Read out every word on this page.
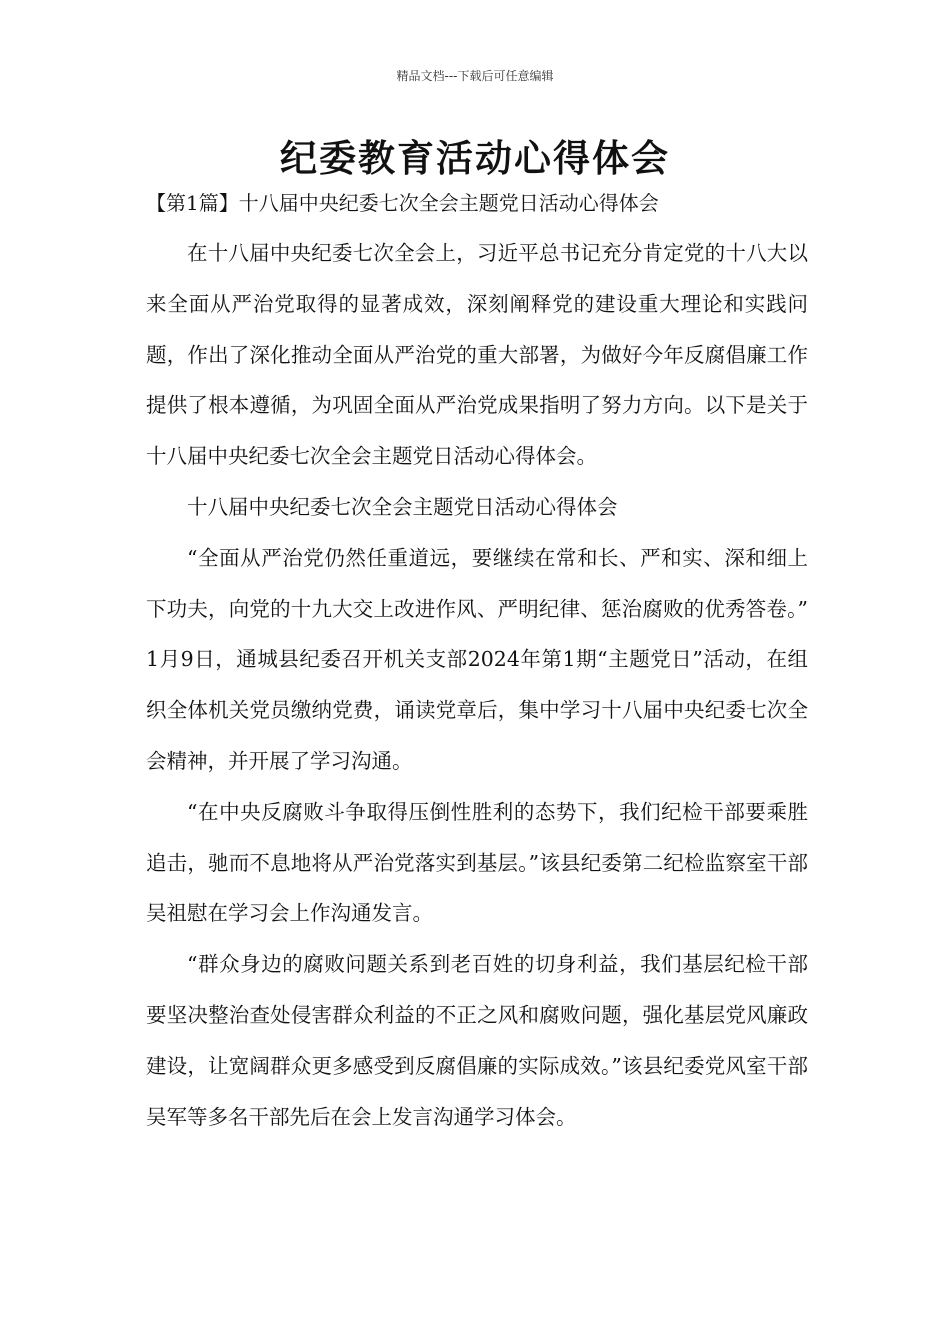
精品文档---下载后可任意编辑
纪委教育活动心得体会
【第1篇】十八届中央纪委七次全会主题党日活动心得体会

在十八届中央纪委七次全会上，习近平总书记充分肯定党的十八大以来全面从严治党取得的显著成效，深刻阐释党的建设重大理论和实践问题，作出了深化推动全面从严治党的重大部署，为做好今年反腐倡廉工作提供了根本遵循，为巩固全面从严治党成果指明了努力方向。以下是关于十八届中央纪委七次全会主题党日活动心得体会。

十八届中央纪委七次全会主题党日活动心得体会

“全面从严治党仍然任重道远，要继续在常和长、严和实、深和细上下功夫，向党的十九大交上改进作风、严明纪律、惩治腐败的优秀答卷。” 1月9日，通城县纪委召开机关支部2024年第1期“主题党日”活动，在组织全体机关党员缴纳党费，诵读党章后，集中学习十八届中央纪委七次全会精神，并开展了学习沟通。

“在中央反腐败斗争取得压倒性胜利的态势下，我们纪检干部要乘胜追击，驰而不息地将从严治党落实到基层。”该县纪委第二纪检监察室干部吴祖慰在学习会上作沟通发言。

“群众身边的腐败问题关系到老百姓的切身利益，我们基层纪检干部要坚决整治查处侵害群众利益的不正之风和腐败问题，强化基层党风廉政建设，让宽阔群众更多感受到反腐倡廉的实际成效。”该县纪委党风室干部吴军等多名干部先后在会上发言沟通学习体会。
